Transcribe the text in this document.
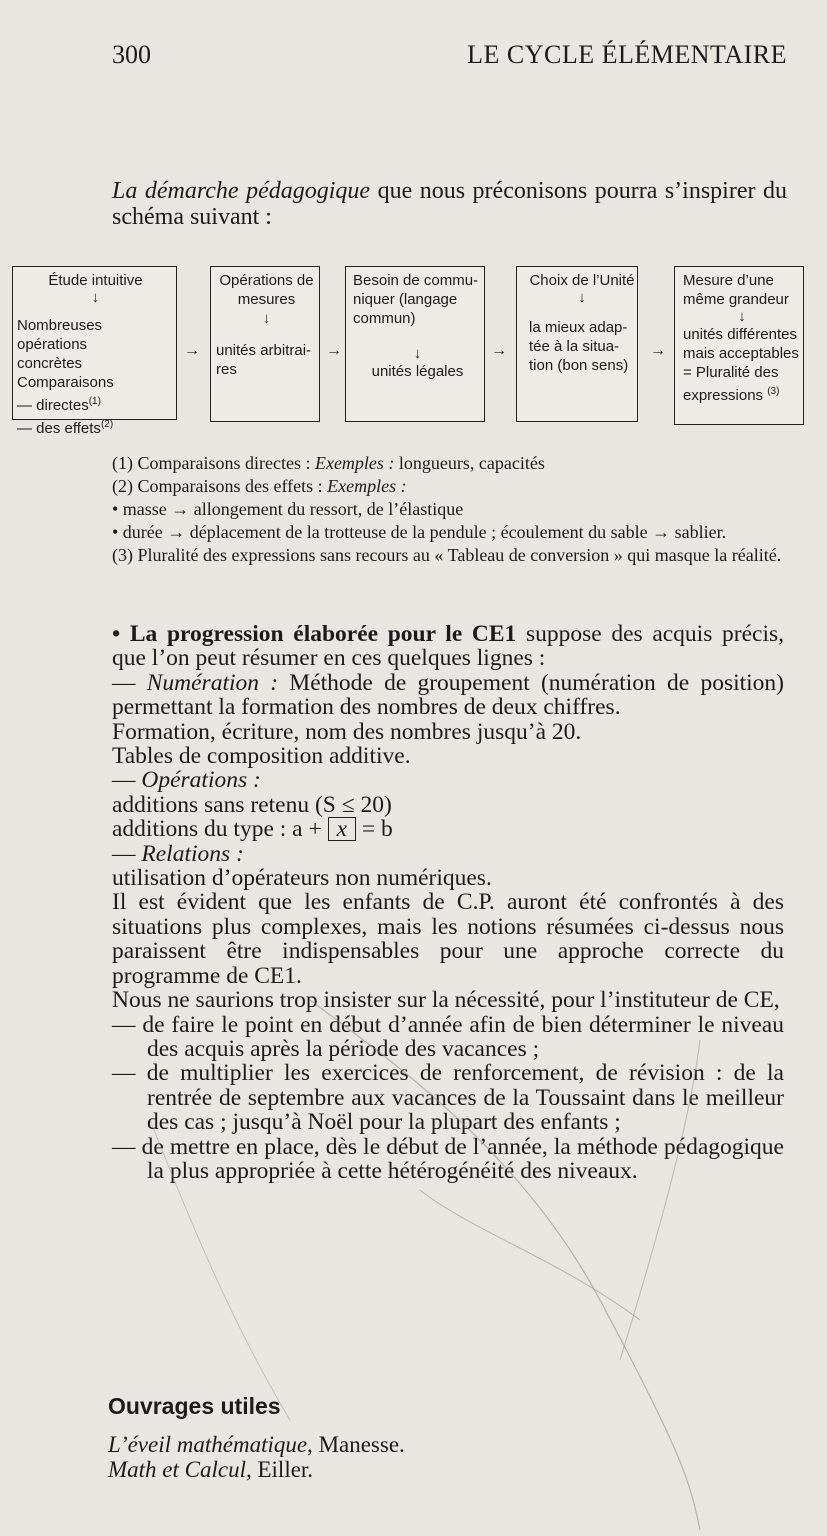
300	LE CYCLE ÉLÉMENTAIRE
La démarche pédagogique que nous préconisons pourra s’inspirer du schéma suivant :
Étude intuitive
↓
Nombreuses opérations
concrètes
Comparaisons
— directes$^{(1)}$
— des effets$^{(2)}$
→
Opérations de
mesures
↓
unités arbitrai-
res
→
Besoin de commu-
niquer (langage
commun)
↓
unités légales
→
Choix de l’Unité
↓
la mieux adap-
tée à la situa-
tion (bon sens)
→
Mesure d’une
même grandeur
↓
unités différentes
mais acceptables
= Pluralité des
expressions $^{(3)}$

(1) Comparaisons directes : Exemples : longueurs, capacités

(2) Comparaisons des effets : Exemples :

• masse → allongement du ressort, de l’élastique

• durée → déplacement de la trotteuse de la pendule ; écoulement du sable → sablier.

(3) Pluralité des expressions sans recours au « Tableau de conversion » qui masque la réalité.

• La progression élaborée pour le CE1 suppose des acquis précis, que l’on peut résumer en ces quelques lignes :

— Numération : Méthode de groupement (numération de position) permettant la formation des nombres de deux chiffres.

Formation, écriture, nom des nombres jusqu’à 20.

Tables de composition additive.

— Opérations :

additions sans retenu (S ≤ 20)

additions du type : a + x = b

— Relations :

utilisation d’opérateurs non numériques.

Il est évident que les enfants de C.P. auront été confrontés à des situations plus complexes, mais les notions résumées ci-dessus nous paraissent être indispensables pour une approche correcte du programme de CE1.

Nous ne saurions trop insister sur la nécessité, pour l’instituteur de CE,

— de faire le point en début d’année afin de bien déterminer le niveau des acquis après la période des vacances ;

— de multiplier les exercices de renforcement, de révision : de la rentrée de septembre aux vacances de la Toussaint dans le meilleur des cas ; jusqu’à Noël pour la plupart des enfants ;

— de mettre en place, dès le début de l’année, la méthode pédagogique la plus appropriée à cette hétérogénéité des niveaux.

Ouvrages utiles

L’éveil mathématique, Manesse.

Math et Calcul, Eiller.
